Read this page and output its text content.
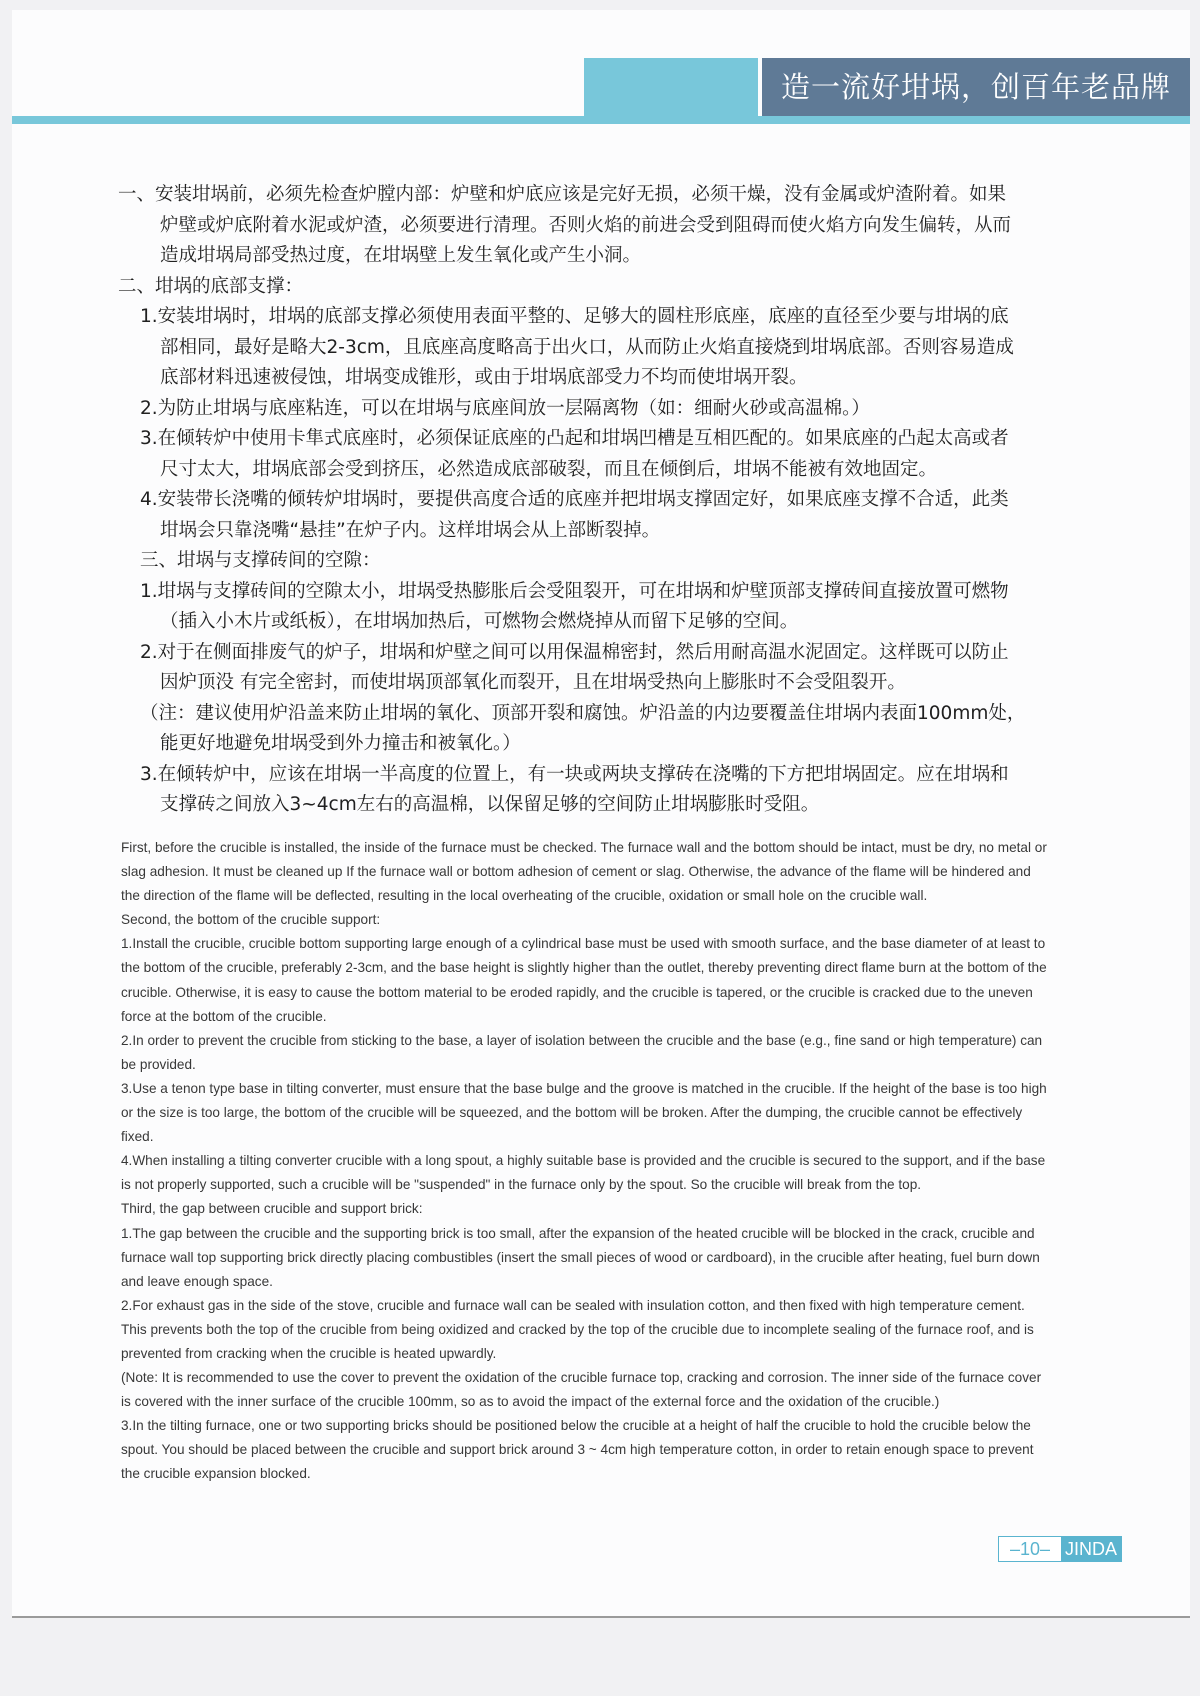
造一流好坩埚，创百年老品牌

一、安装坩埚前，必须先检查炉膛内部：炉壁和炉底应该是完好无损，必须干燥，没有金属或炉渣附着。如果

炉壁或炉底附着水泥或炉渣，必须要进行清理。否则火焰的前进会受到阻碍而使火焰方向发生偏转，从而

造成坩埚局部受热过度，在坩埚壁上发生氧化或产生小洞。

二、坩埚的底部支撑：

1.安装坩埚时，坩埚的底部支撑必须使用表面平整的、足够大的圆柱形底座，底座的直径至少要与坩埚的底

部相同，最好是略大2-3cm，且底座高度略高于出火口，从而防止火焰直接烧到坩埚底部。否则容易造成

底部材料迅速被侵蚀，坩埚变成锥形，或由于坩埚底部受力不均而使坩埚开裂。

2.为防止坩埚与底座粘连，可以在坩埚与底座间放一层隔离物（如：细耐火砂或高温棉。）

3.在倾转炉中使用卡隼式底座时，必须保证底座的凸起和坩埚凹槽是互相匹配的。如果底座的凸起太高或者

尺寸太大，坩埚底部会受到挤压，必然造成底部破裂，而且在倾倒后，坩埚不能被有效地固定。

4.安装带长浇嘴的倾转炉坩埚时，要提供高度合适的底座并把坩埚支撑固定好，如果底座支撑不合适，此类

坩埚会只靠浇嘴“悬挂”在炉子内。这样坩埚会从上部断裂掉。

三、坩埚与支撑砖间的空隙：

1.坩埚与支撑砖间的空隙太小，坩埚受热膨胀后会受阻裂开，可在坩埚和炉壁顶部支撑砖间直接放置可燃物

（插入小木片或纸板），在坩埚加热后，可燃物会燃烧掉从而留下足够的空间。

2.对于在侧面排废气的炉子，坩埚和炉壁之间可以用保温棉密封，然后用耐高温水泥固定。这样既可以防止

因炉顶没 有完全密封，而使坩埚顶部氧化而裂开，且在坩埚受热向上膨胀时不会受阻裂开。

（注：建议使用炉沿盖来防止坩埚的氧化、顶部开裂和腐蚀。炉沿盖的内边要覆盖住坩埚内表面100mm处，

能更好地避免坩埚受到外力撞击和被氧化。）

3.在倾转炉中，应该在坩埚一半高度的位置上，有一块或两块支撑砖在浇嘴的下方把坩埚固定。应在坩埚和

支撑砖之间放入3~4cm左右的高温棉，以保留足够的空间防止坩埚膨胀时受阻。

First, before the crucible is installed, the inside of the furnace must be checked. The furnace wall and the bottom should be intact, must be dry, no metal or

slag adhesion. It must be cleaned up If the furnace wall or bottom adhesion of cement or slag. Otherwise, the advance of the flame will be hindered and

the direction of the flame will be deflected, resulting in the local overheating of the crucible, oxidation or small hole on the crucible wall.

Second, the bottom of the crucible support:

1.Install the crucible, crucible bottom supporting large enough of a cylindrical base must be used with smooth surface, and the base diameter of at least to

the bottom of the crucible, preferably 2-3cm, and the base height is slightly higher than the outlet, thereby preventing direct flame burn at the bottom of the

crucible. Otherwise, it is easy to cause the bottom material to be eroded rapidly, and the crucible is tapered, or the crucible is cracked due to the uneven

force at the bottom of the crucible.

2.In order to prevent the crucible from sticking to the base, a layer of isolation between the crucible and the base (e.g., fine sand or high temperature) can

be provided.

3.Use a tenon type base in tilting converter, must ensure that the base bulge and the groove is matched in the crucible. If the height of the base is too high

or the size is too large, the bottom of the crucible will be squeezed, and the bottom will be broken. After the dumping, the crucible cannot be effectively

fixed.

4.When installing a tilting converter crucible with a long spout, a highly suitable base is provided and the crucible is secured to the support, and if the base

is not properly supported, such a crucible will be "suspended" in the furnace only by the spout. So the crucible will break from the top.

Third, the gap between crucible and support brick:

1.The gap between the crucible and the supporting brick is too small, after the expansion of the heated crucible will be blocked in the crack, crucible and

furnace wall top supporting brick directly placing combustibles (insert the small pieces of wood or cardboard), in the crucible after heating, fuel burn down

and leave enough space.

2.For exhaust gas in the side of the stove, crucible and furnace wall can be sealed with insulation cotton, and then fixed with high temperature cement.

This prevents both the top of the crucible from being oxidized and cracked by the top of the crucible due to incomplete sealing of the furnace roof, and is

prevented from cracking when the crucible is heated upwardly.

(Note: It is recommended to use the cover to prevent the oxidation of the crucible furnace top, cracking and corrosion. The inner side of the furnace cover

is covered with the inner surface of the crucible 100mm, so as to avoid the impact of the external force and the oxidation of the crucible.)

3.In the tilting furnace, one or two supporting bricks should be positioned below the crucible at a height of half the crucible to hold the crucible below the

spout. You should be placed between the crucible and support brick around 3 ~ 4cm high temperature cotton, in order to retain enough space to prevent

the crucible expansion blocked.

–10– JINDA
